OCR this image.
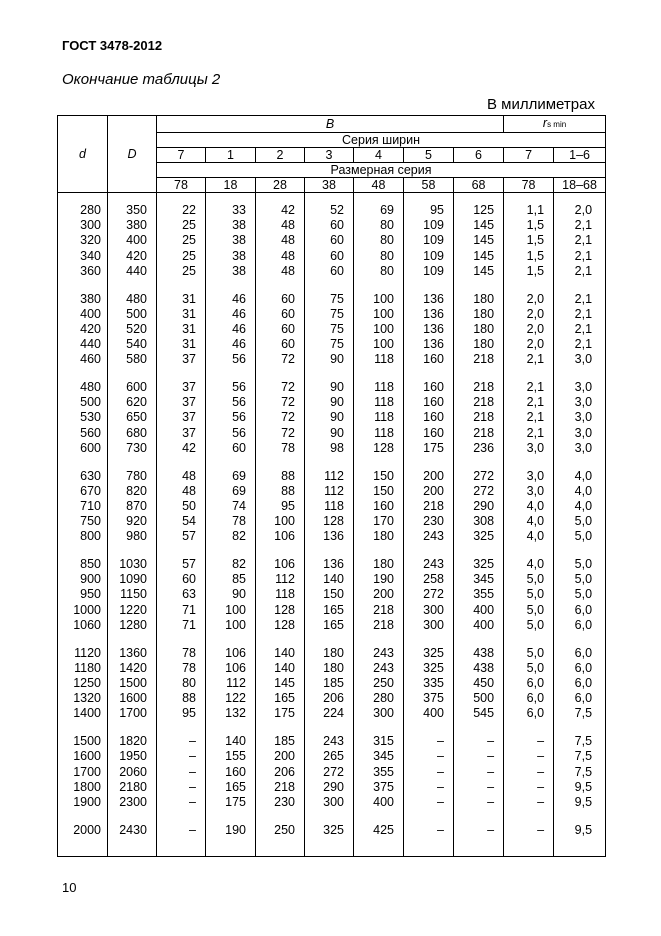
ГОСТ 3478-2012
Окончание таблицы 2
В миллиметрах
d	D	B							rs min	
		Серия ширин								
		7	1	2	3	4	5	6	7	1–6
		Размерная серия								
		78	18	28	38	48	58	68	78	18–68

280	350	22	33	42	52	69	95	125	1,1	2,0
300	380	25	38	48	60	80	109	145	1,5	2,1
320	400	25	38	48	60	80	109	145	1,5	2,1
340	420	25	38	48	60	80	109	145	1,5	2,1
360	440	25	38	48	60	80	109	145	1,5	2,1

380	480	31	46	60	75	100	136	180	2,0	2,1
400	500	31	46	60	75	100	136	180	2,0	2,1
420	520	31	46	60	75	100	136	180	2,0	2,1
440	540	31	46	60	75	100	136	180	2,0	2,1
460	580	37	56	72	90	118	160	218	2,1	3,0

480	600	37	56	72	90	118	160	218	2,1	3,0
500	620	37	56	72	90	118	160	218	2,1	3,0
530	650	37	56	72	90	118	160	218	2,1	3,0
560	680	37	56	72	90	118	160	218	2,1	3,0
600	730	42	60	78	98	128	175	236	3,0	3,0

630	780	48	69	88	112	150	200	272	3,0	4,0
670	820	48	69	88	112	150	200	272	3,0	4,0
710	870	50	74	95	118	160	218	290	4,0	4,0
750	920	54	78	100	128	170	230	308	4,0	5,0
800	980	57	82	106	136	180	243	325	4,0	5,0

850	1030	57	82	106	136	180	243	325	4,0	5,0
900	1090	60	85	112	140	190	258	345	5,0	5,0
950	1150	63	90	118	150	200	272	355	5,0	5,0
1000	1220	71	100	128	165	218	300	400	5,0	6,0
1060	1280	71	100	128	165	218	300	400	5,0	6,0

1120	1360	78	106	140	180	243	325	438	5,0	6,0
1180	1420	78	106	140	180	243	325	438	5,0	6,0
1250	1500	80	112	145	185	250	335	450	6,0	6,0
1320	1600	88	122	165	206	280	375	500	6,0	6,0
1400	1700	95	132	175	224	300	400	545	6,0	7,5

1500	1820	–	140	185	243	315	–	–	–	7,5
1600	1950	–	155	200	265	345	–	–	–	7,5
1700	2060	–	160	206	272	355	–	–	–	7,5
1800	2180	–	165	218	290	375	–	–	–	9,5
1900	2300	–	175	230	300	400	–	–	–	9,5

2000	2430	–	190	250	325	425	–	–	–	9,5

10
